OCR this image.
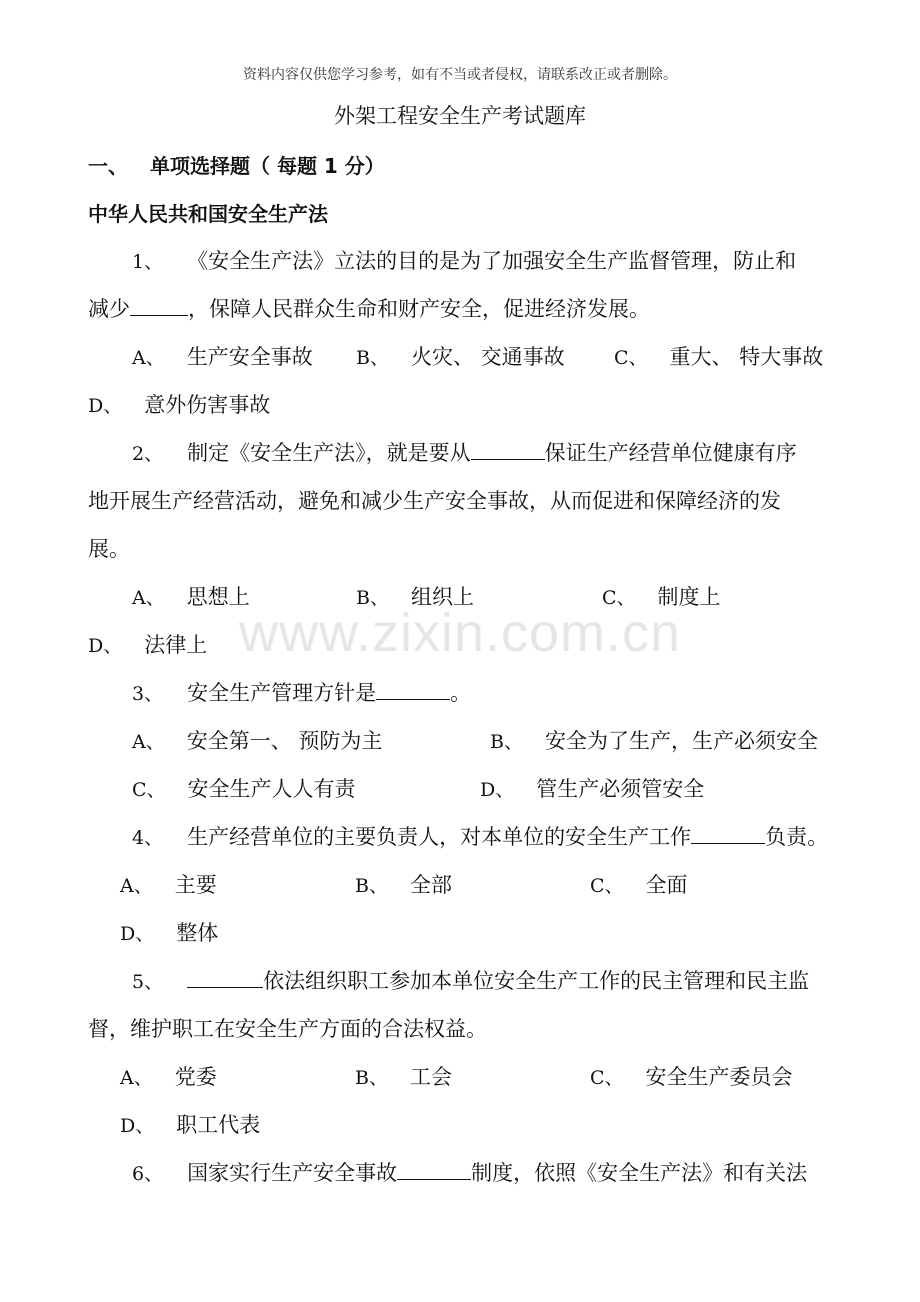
www.zixin.com.cn
资料内容仅供您学习参考，如有不当或者侵权，请联系改正或者删除。
外架工程安全生产考试题库
一、 单项选择题（ 每题 1 分）
中华人民共和国安全生产法
1、 《安全生产法》立法的目的是为了加强安全生产监督管理，防止和
减少	，保障人民群众生命和财产安全，促进经济发展。
A、 生产安全事故 B、 火灾、 交通事故	C、 重大、 特大事故
D、 意外伤害事故
2、 制定《安全生产法》，就是要从	保证生产经营单位健康有序
地开展生产经营活动，避免和减少生产安全事故，从而促进和保障经济的发
展。
A、 思想上	B、 组织上	C、 制度上
D、 法律上
3、 安全生产管理方针是	。
A、 安全第一、 预防为主	B、 安全为了生产，生产必须安全
C、 安全生产人人有责	D、 管生产必须管安全
4、 生产经营单位的主要负责人，对本单位的安全生产工作	负责。
A、 主要	B、 全部	C、 全面
D、 整体
5、	依法组织职工参加本单位安全生产工作的民主管理和民主监
督，维护职工在安全生产方面的合法权益。
A、 党委	B、 工会	C、 安全生产委员会
D、 职工代表
6、 国家实行生产安全事故	制度，依照《安全生产法》和有关法
